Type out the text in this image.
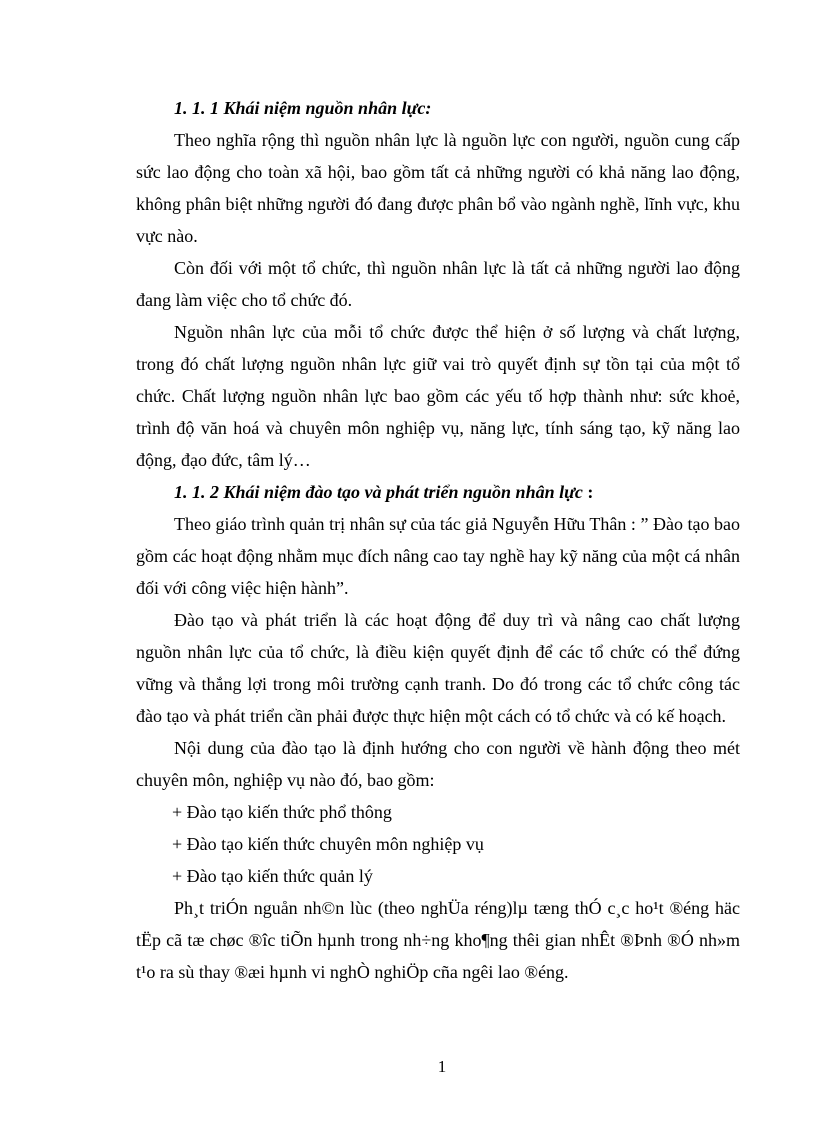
1. 1. 1 Khái niệm nguồn nhân lực:

Theo nghĩa rộng thì nguồn nhân lực là nguồn lực con người, nguồn cung cấp sức lao động cho toàn xã hội, bao gồm tất cả những người có khả năng lao động, không phân biệt những người đó đang được phân bổ vào ngành nghề, lĩnh vực, khu vực nào.

Còn đối với một tổ chức, thì nguồn nhân lực là tất cả những người lao động đang làm việc cho tổ chức đó.

Nguồn nhân lực của mỗi tổ chức được thể hiện ở số lượng và chất lượng, trong đó chất lượng nguồn nhân lực giữ vai trò quyết định sự tồn tại của một tổ chức. Chất lượng nguồn nhân lực bao gồm các yếu tố hợp thành như: sức khoẻ, trình độ văn hoá và chuyên môn nghiệp vụ, năng lực, tính sáng tạo, kỹ năng lao động, đạo đức, tâm lý…

1. 1. 2 Khái niệm đào tạo và phát triển nguồn nhân lực :

Theo giáo trình quản trị nhân sự của tác giả Nguyễn Hữu Thân : ” Đào tạo bao gồm các hoạt động nhằm mục đích nâng cao tay nghề hay kỹ năng của một cá nhân đối với công việc hiện hành”.

Đào tạo và phát triển là các hoạt động để duy trì và nâng cao chất lượng nguồn nhân lực của tổ chức, là điều kiện quyết định để các tổ chức có thể đứng vững và thắng lợi trong môi trường cạnh tranh. Do đó trong các tổ chức công tác đào tạo và phát triển cần phải được thực hiện một cách có tổ chức và có kế hoạch.

Nội dung của đào tạo là định hướng cho con người về hành động theo mét chuyên môn, nghiệp vụ nào đó, bao gồm:

+ Đào tạo kiến thức phổ thông

+ Đào tạo kiến thức chuyên môn nghiệp vụ

+ Đào tạo kiến thức quản lý

Ph¸t triÓn nguån nh©n lùc (theo nghÜa réng)lµ tæng thÓ c¸c ho¹t ®éng häc tËp cã tæ chøc ®îc tiÕn hµnh trong nh÷ng kho¶ng thêi gian nhÊt ®Þnh ®Ó nh»m t¹o ra sù thay ®æi hµnh vi nghÒ nghiÖp cña ngêi lao ®éng.

1
